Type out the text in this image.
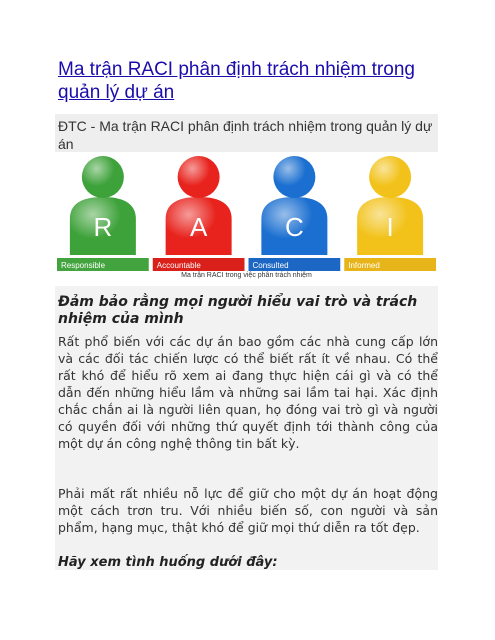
Ma trận RACI phân định trách nhiệm trong quản lý dự án
ĐTC - Ma trận RACI phân định trách nhiệm trong quản lý dự án
R
Responsible
A
Accountable
C
Consulted
I
Informed
Ma trận RACI trong việc phân trách nhiệm
Đảm bảo rằng mọi người hiểu vai trò và trách nhiệm của mình
Rất phổ biến với các dự án bao gồm các nhà cung cấp lớn và các đối tác chiến lược có thể biết rất ít về nhau. Có thể rất khó để hiểu rõ xem ai đang thực hiện cái gì và có thể dẫn đến những hiểu lầm và những sai lầm tai hại. Xác định chắc chắn ai là người liên quan, họ đóng vai trò gì và người có quyền đối với những thứ quyết định tới thành công của một dự án công nghệ thông tin bất kỳ.
Phải mất rất nhiều nỗ lực để giữ cho một dự án hoạt động một cách trơn tru. Với nhiều biến số, con người và sản phẩm, hạng mục, thật khó để giữ mọi thứ diễn ra tốt đẹp.
Hãy xem tình huống dưới đây:
